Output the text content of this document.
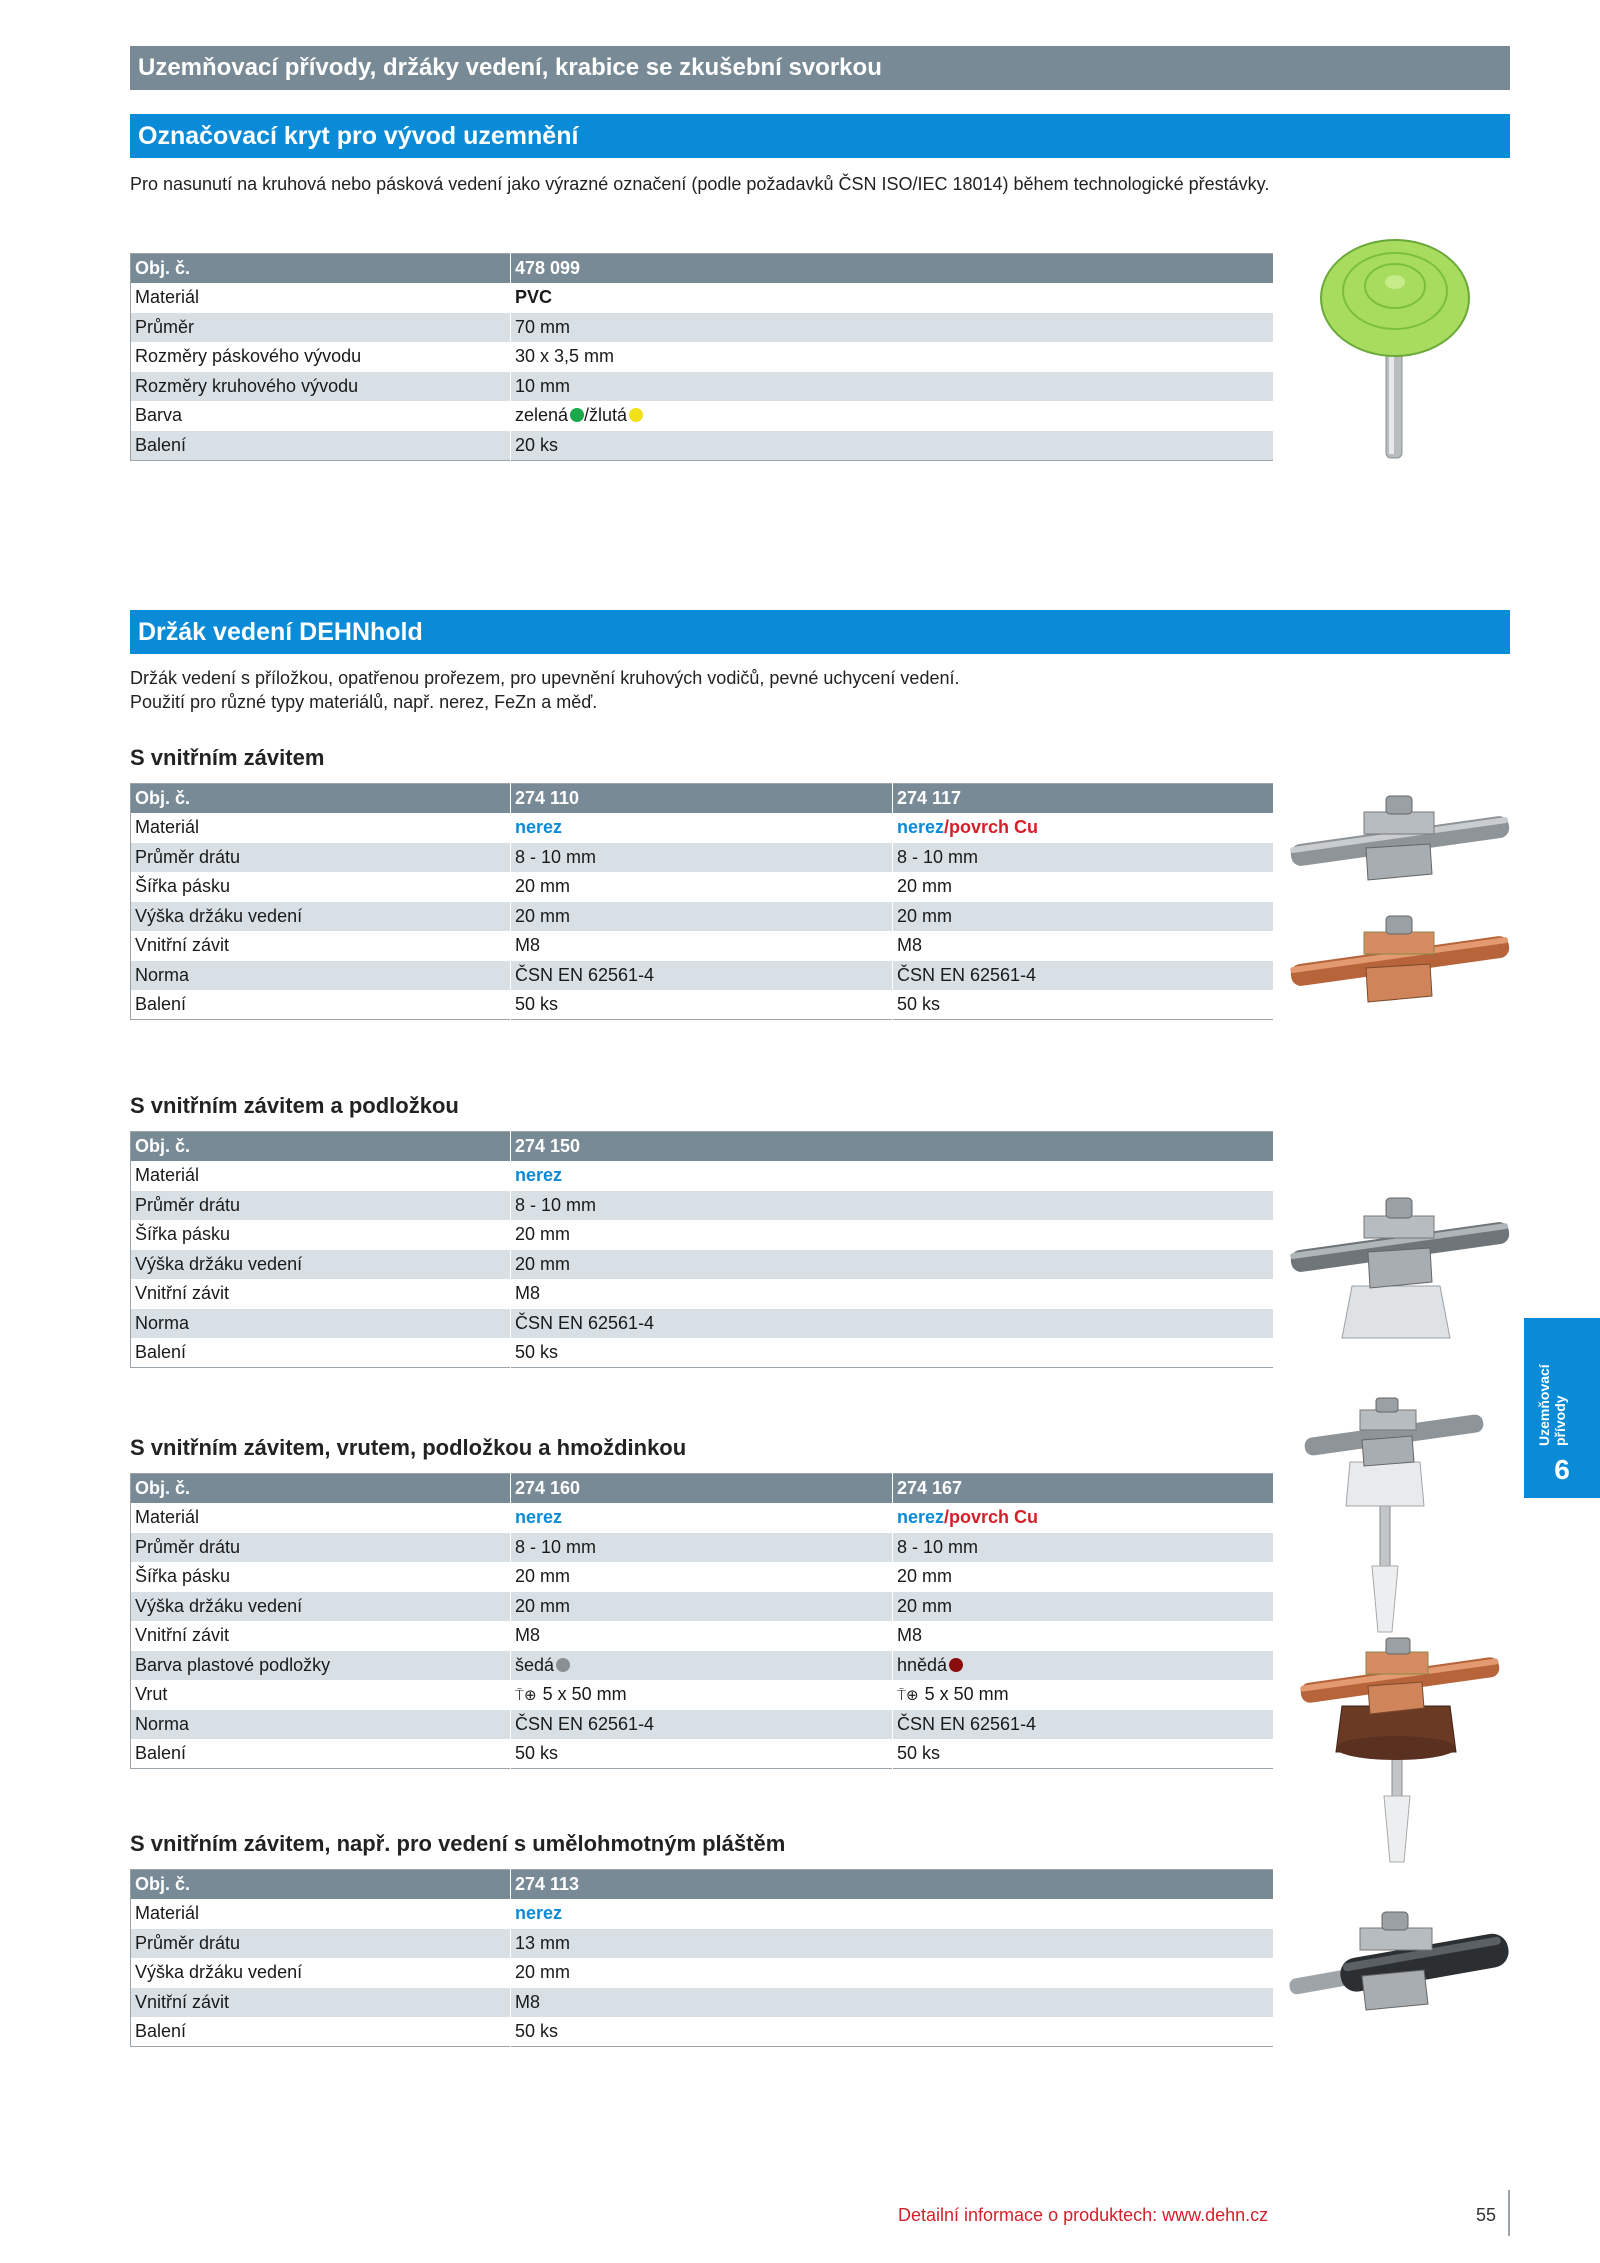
Uzemňovací přívody, držáky vedení, krabice se zkušební svorkou
Označovací kryt pro vývod uzemnění
Pro nasunutí na kruhová nebo pásková vedení jako výrazné označení (podle požadavků ČSN ISO/IEC 18014) během technologické přestávky.
Obj. č.	478 099
Materiál	PVC
Průměr	70 mm
Rozměry páskového vývodu	30 x 3,5 mm
Rozměry kruhového vývodu	10 mm
Barva	zelená /žlutá
Balení	20 ks
Držák vedení DEHNhold
Držák vedení s příložkou, opatřenou prořezem, pro upevnění kruhových vodičů, pevné uchycení vedení.
Použití pro různé typy materiálů, např. nerez, FeZn a měď.
S vnitřním závitem
Obj. č.	274 110	274 117
Materiál	nerez	nerez/povrch Cu
Průměr drátu	8 - 10 mm	8 - 10 mm
Šířka pásku	20 mm	20 mm
Výška držáku vedení	20 mm	20 mm
Vnitřní závit	M8	M8
Norma	ČSN EN 62561-4	ČSN EN 62561-4
Balení	50 ks	50 ks
S vnitřním závitem a podložkou
Obj. č.	274 150
Materiál	nerez
Průměr drátu	8 - 10 mm
Šířka pásku	20 mm
Výška držáku vedení	20 mm
Vnitřní závit	M8
Norma	ČSN EN 62561-4
Balení	50 ks
S vnitřním závitem, vrutem, podložkou a hmoždinkou
Obj. č.	274 160	274 167
Materiál	nerez	nerez/povrch Cu
Průměr drátu	8 - 10 mm	8 - 10 mm
Šířka pásku	20 mm	20 mm
Výška držáku vedení	20 mm	20 mm
Vnitřní závit	M8	M8
Barva plastové podložky	šedá	hnědá
Vrut	⍑⊕ 5 x 50 mm	⍑⊕ 5 x 50 mm
Norma	ČSN EN 62561-4	ČSN EN 62561-4
Balení	50 ks	50 ks
S vnitřním závitem, např. pro vedení s umělohmotným pláštěm
Obj. č.	274 113
Materiál	nerez
Průměr drátu	13 mm
Výška držáku vedení	20 mm
Vnitřní závit	M8
Balení	50 ks
Uzemňovací přívody
6
Detailní informace o produktech: www.dehn.cz	55
